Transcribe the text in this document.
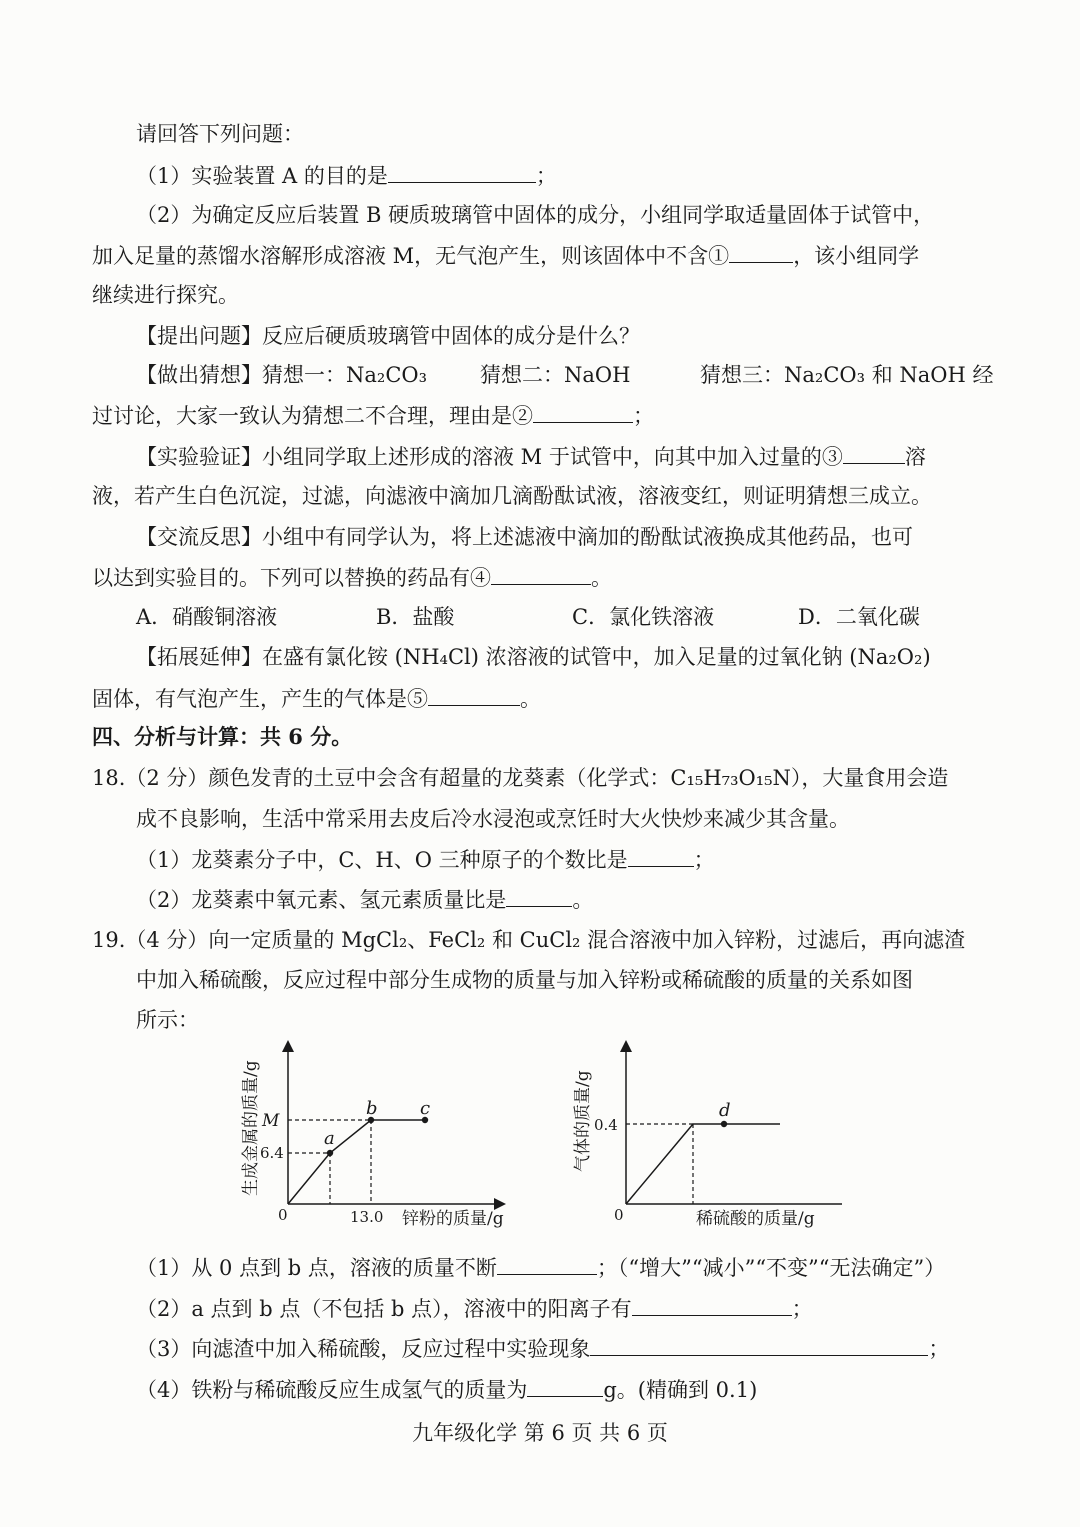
请回答下列问题：
（1）实验装置 A 的目的是	；
（2）为确定反应后装置 B 硬质玻璃管中固体的成分，小组同学取适量固体于试管中，
加入足量的蒸馏水溶解形成溶液 M，无气泡产生，则该固体中不含①	，该小组同学
继续进行探究。
【提出问题】反应后硬质玻璃管中固体的成分是什么？
【做出猜想】猜想一：Na₂CO₃	猜想二：NaOH	猜想三：Na₂CO₃ 和 NaOH 经
过讨论，大家一致认为猜想二不合理，理由是②	；
【实验验证】小组同学取上述形成的溶液 M 于试管中，向其中加入过量的③	溶
液，若产生白色沉淀，过滤，向滤液中滴加几滴酚酞试液，溶液变红，则证明猜想三成立。
【交流反思】小组中有同学认为，将上述滤液中滴加的酚酞试液换成其他药品，也可
以达到实验目的。下列可以替换的药品有④	。
A．硝酸铜溶液	B．盐酸	C．氯化铁溶液	D．二氧化碳
【拓展延伸】在盛有氯化铵 (NH₄Cl) 浓溶液的试管中，加入足量的过氧化钠 (Na₂O₂)
固体，有气泡产生，产生的气体是⑤	。
四、分析与计算：共 6 分。
18.（2 分）颜色发青的土豆中会含有超量的龙葵素（化学式：C₁₅H₇₃O₁₅N），大量食用会造
成不良影响，生活中常采用去皮后冷水浸泡或烹饪时大火快炒来减少其含量。
（1）龙葵素分子中，C、H、O 三种原子的个数比是	；
（2）龙葵素中氧元素、氢元素质量比是	。
19.（4 分）向一定质量的 MgCl₂、FeCl₂ 和 CuCl₂ 混合溶液中加入锌粉，过滤后，再向滤渣
中加入稀硫酸，反应过程中部分生成物的质量与加入锌粉或稀硫酸的质量的关系如图
所示：
a
b c
M
6.4
0	13.0 锌粉的质量/g
生成金属的质量/g	d
0.4
0	稀硫酸的质量/g
气体的质量/g
（1）从 0 点到 b 点，溶液的质量不断	；（“增大”“减小”“不变”“无法确定”）
（2）a 点到 b 点（不包括 b 点），溶液中的阳离子有	；
（3）向滤渣中加入稀硫酸，反应过程中实验现象	；
（4）铁粉与稀硫酸反应生成氢气的质量为	g。(精确到 0.1)
九年级化学 第 6 页 共 6 页
